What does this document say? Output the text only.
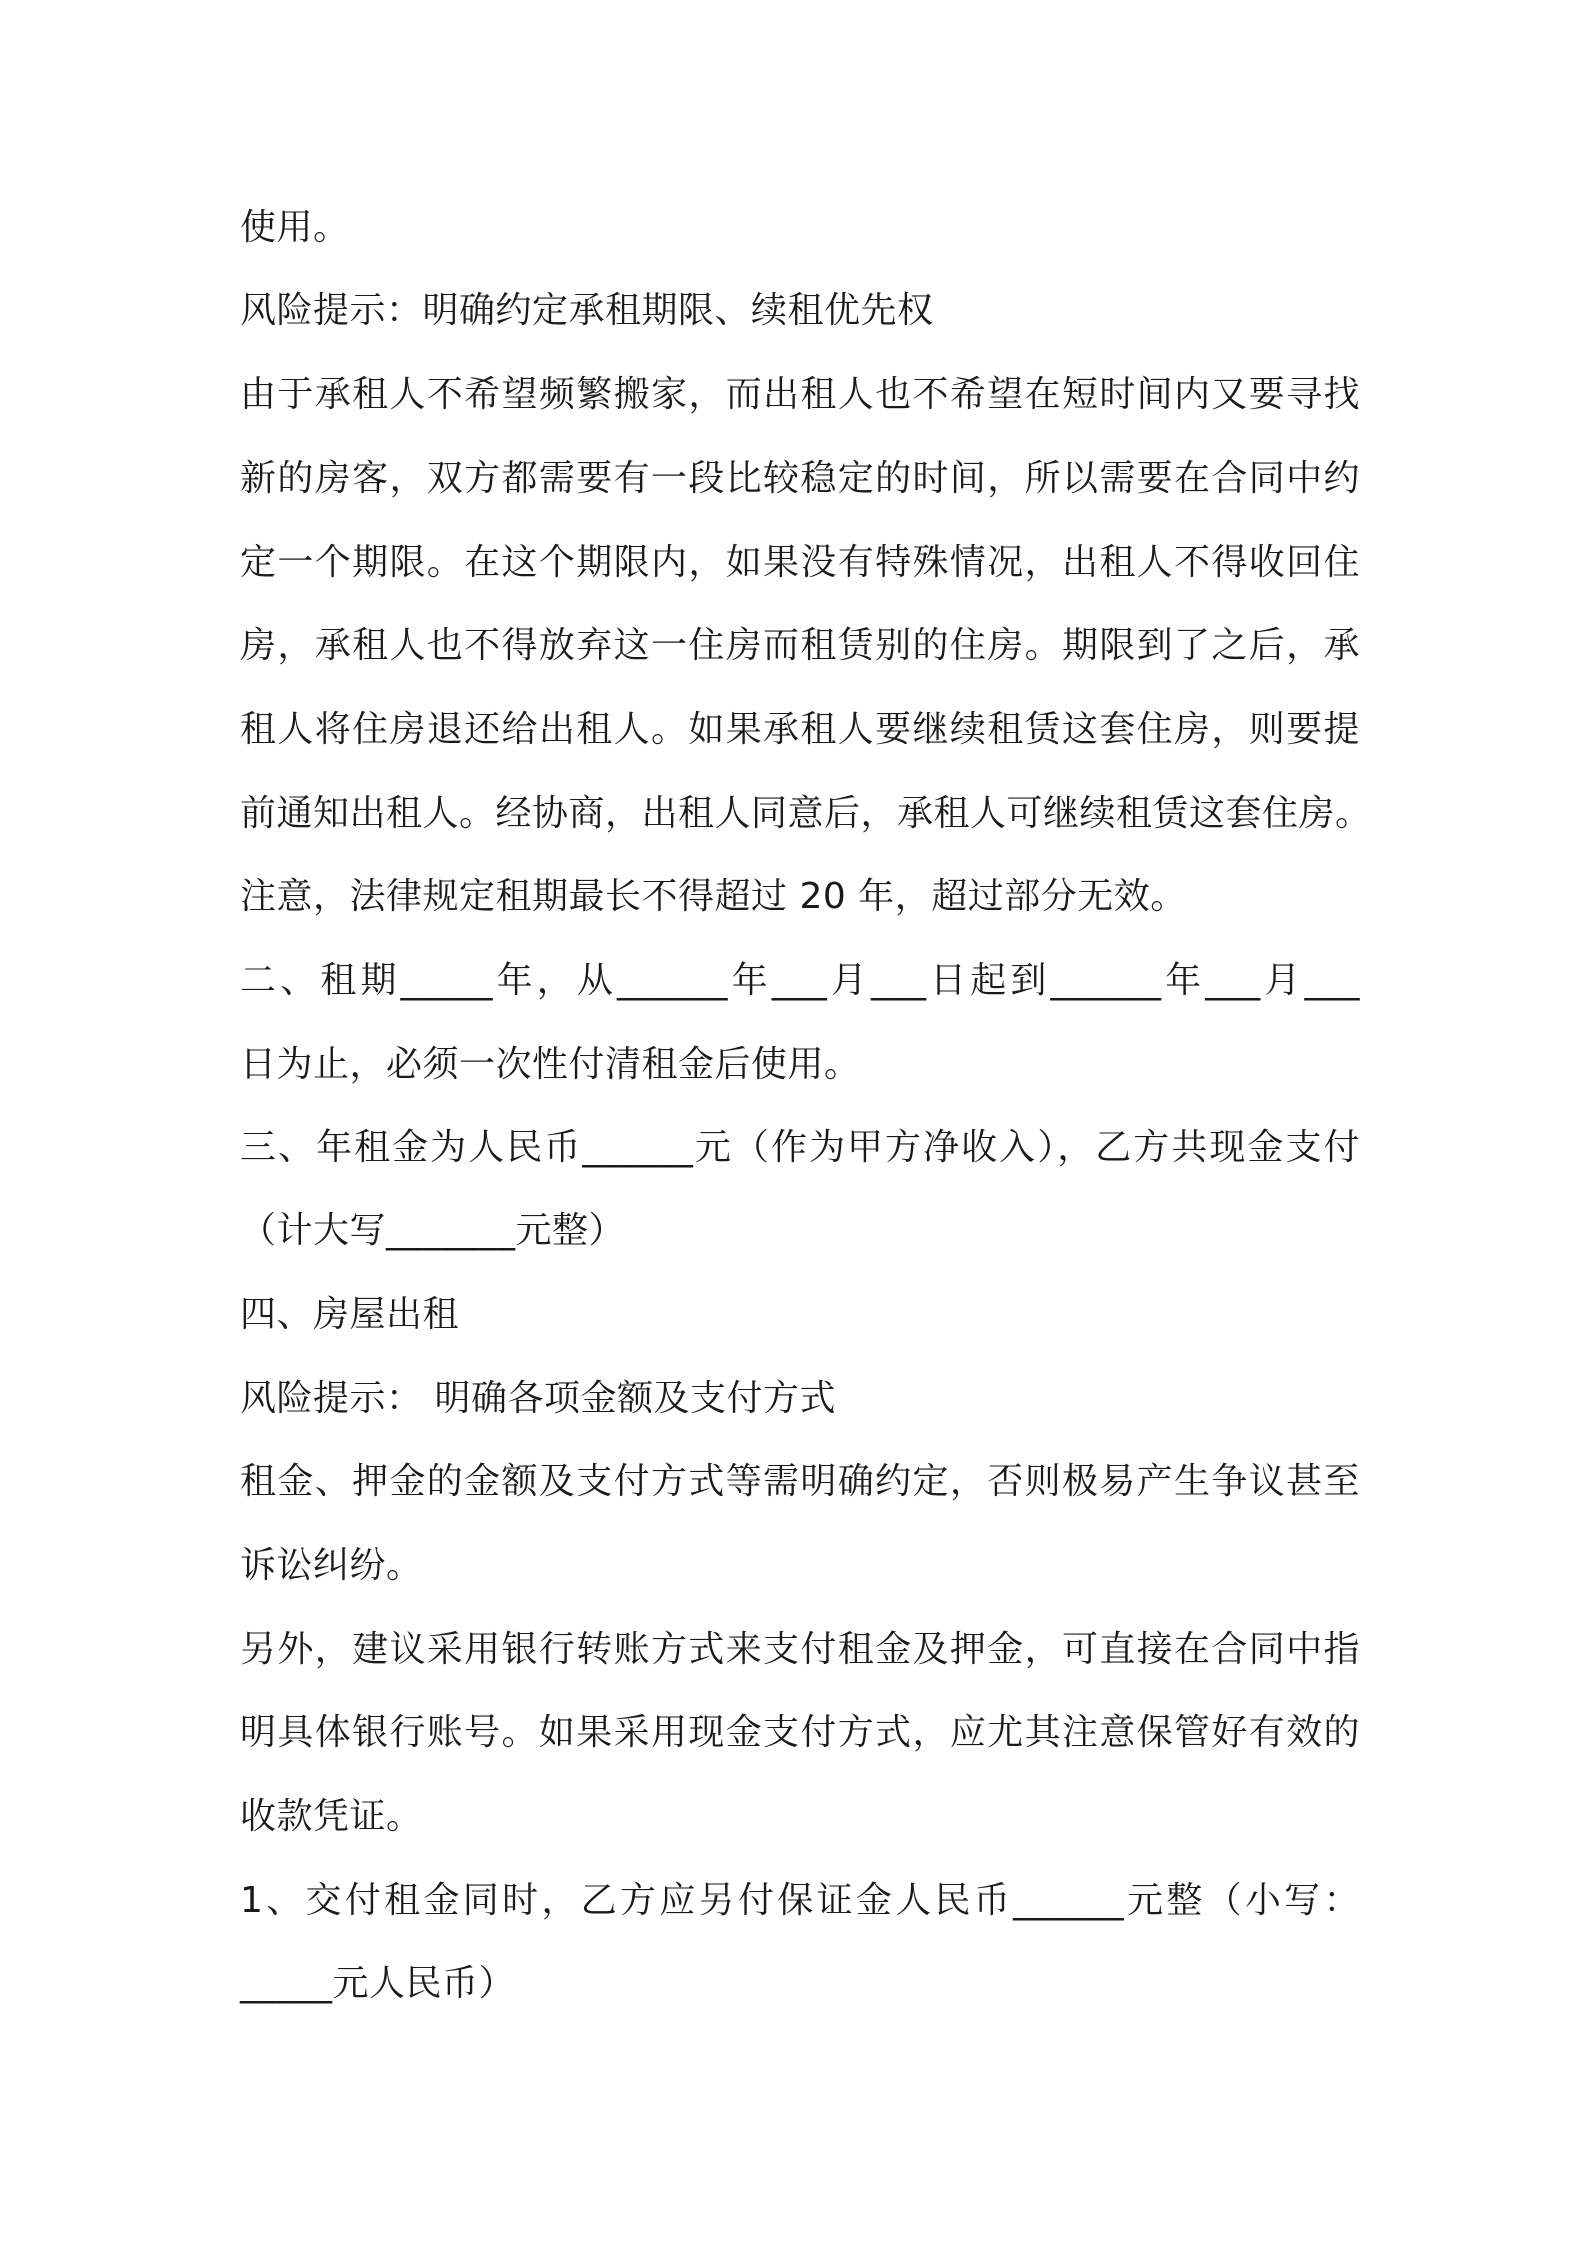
使用。
风险提示：明确约定承租期限、续租优先权
由于承租人不希望频繁搬家，而出租人也不希望在短时间内又要寻找
新的房客，双方都需要有一段比较稳定的时间，所以需要在合同中约
定一个期限。在这个期限内，如果没有特殊情况，出租人不得收回住
房，承租人也不得放弃这一住房而租赁别的住房。期限到了之后，承
租人将住房退还给出租人。如果承租人要继续租赁这套住房，则要提
前通知出租人。经协商，出租人同意后，承租人可继续租赁这套住房。
注意，法律规定租期最长不得超过 20 年，超过部分无效。
二、租期_____年，从______年___月___日起到______年___月___
日为止，必须一次性付清租金后使用。
三、年租金为人民币______元（作为甲方净收入），乙方共现金支付
（计大写_______元整）
四、房屋出租
风险提示： 明确各项金额及支付方式
租金、押金的金额及支付方式等需明确约定，否则极易产生争议甚至
诉讼纠纷。
另外，建议采用银行转账方式来支付租金及押金，可直接在合同中指
明具体银行账号。如果采用现金支付方式，应尤其注意保管好有效的
收款凭证。
1、交付租金同时，乙方应另付保证金人民币______元整（小写：
_____元人民币）
